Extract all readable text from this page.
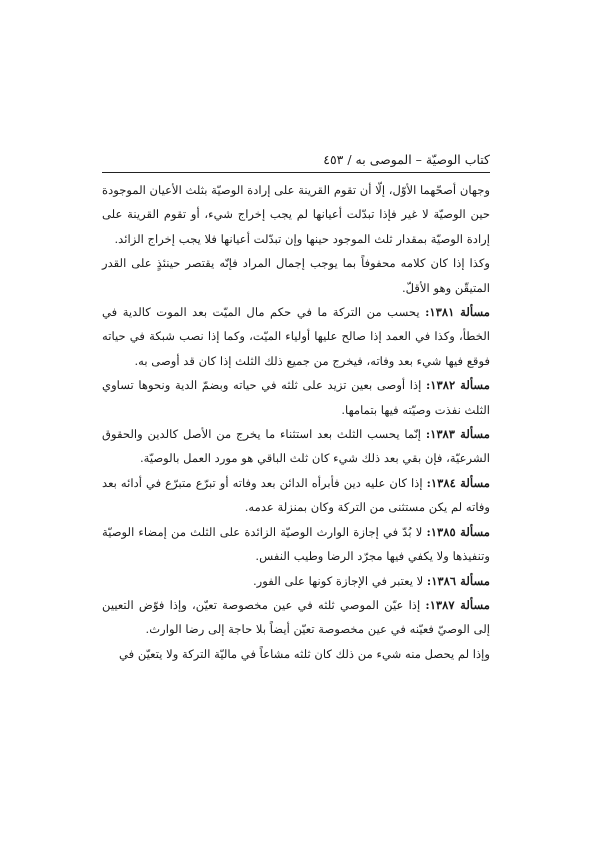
كتاب الوصيّة – الموصى به / ٤٥٣

وجهان أصحّهما الأوّل، إلّا أن تقوم القرينة على إرادة الوصيّة بثلث الأعيان الموجودة حين الوصيّة لا غير فإذا تبدّلت أعيانها لم يجب إخراج شيء، أو تقوم القرينة على إرادة الوصيّة بمقدار ثلث الموجود حينها وإن تبدّلت أعيانها فلا يجب إخراج الزائد.

وكذا إذا كان كلامه محفوفاً بما يوجب إجمال المراد فإنّه يقتصر حينئذٍ على القدر المتيقّن وهو الأقلّ.

مسألة ١٣٨١: يحسب من التركة ما في حكم مال الميّت بعد الموت كالدية في الخطأ، وكذا في العمد إذا صالح عليها أولياء الميّت، وكما إذا نصب شبكة في حياته فوقع فيها شيء بعد وفاته، فيخرج من جميع ذلك الثلث إذا كان قد أوصى به.

مسألة ١٣٨٢: إذا أوصى بعين تزيد على ثلثه في حياته وبضمّ الدية ونحوها تساوي الثلث نفذت وصيّته فيها بتمامها.

مسألة ١٣٨٣: إنّما يحسب الثلث بعد استثناء ما يخرج من الأصل كالدين والحقوق الشرعيّة، فإن بقي بعد ذلك شيء كان ثلث الباقي هو مورد العمل بالوصيّة.

مسألة ١٣٨٤: إذا كان عليه دين فأبرأه الدائن بعد وفاته أو تبرّع متبرّع في أدائه بعد وفاته لم يكن مستثنى من التركة وكان بمنزلة عدمه.

مسألة ١٣٨٥: لا بُدّ في إجازة الوارث الوصيّة الزائدة على الثلث من إمضاء الوصيّة وتنفيذها ولا يكفي فيها مجرّد الرضا وطيب النفس.

مسألة ١٣٨٦: لا يعتبر في الإجازة كونها على الفور.

مسألة ١٣٨٧: إذا عيّن الموصي ثلثه في عين مخصوصة تعيّن، وإذا فوّض التعيين إلى الوصيّ فعيّنه في عين مخصوصة تعيّن أيضاً بلا حاجة إلى رضا الوارث.

وإذا لم يحصل منه شيء من ذلك كان ثلثه مشاعاً في ماليّة التركة ولا يتعيّن في
